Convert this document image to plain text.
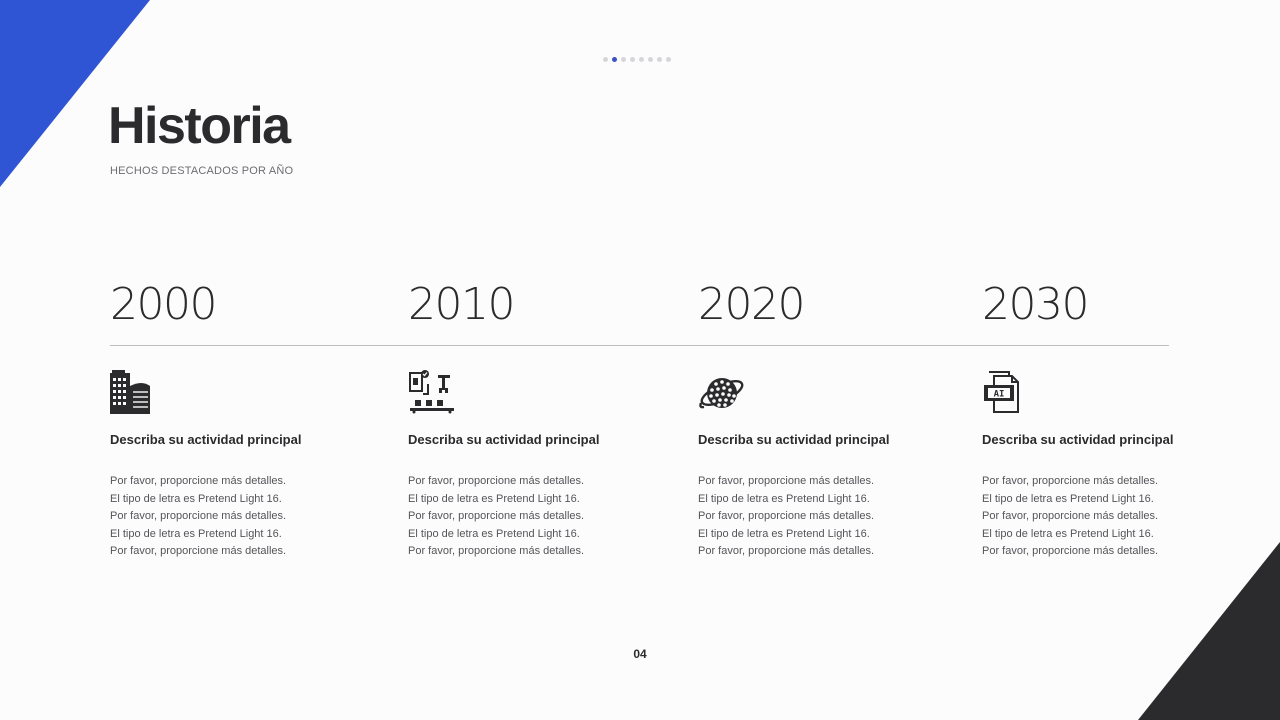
Historia
HECHOS DESTACADOS POR AÑO
2000
Describa su actividad principal
Por favor, proporcione más detalles.
El tipo de letra es Pretend Light 16.
Por favor, proporcione más detalles.
El tipo de letra es Pretend Light 16.
Por favor, proporcione más detalles.
2010
Describa su actividad principal
Por favor, proporcione más detalles.
El tipo de letra es Pretend Light 16.
Por favor, proporcione más detalles.
El tipo de letra es Pretend Light 16.
Por favor, proporcione más detalles.
2020
Describa su actividad principal
Por favor, proporcione más detalles.
El tipo de letra es Pretend Light 16.
Por favor, proporcione más detalles.
El tipo de letra es Pretend Light 16.
Por favor, proporcione más detalles.
2030
AI
Describa su actividad principal
Por favor, proporcione más detalles.
El tipo de letra es Pretend Light 16.
Por favor, proporcione más detalles.
El tipo de letra es Pretend Light 16.
Por favor, proporcione más detalles.
04
